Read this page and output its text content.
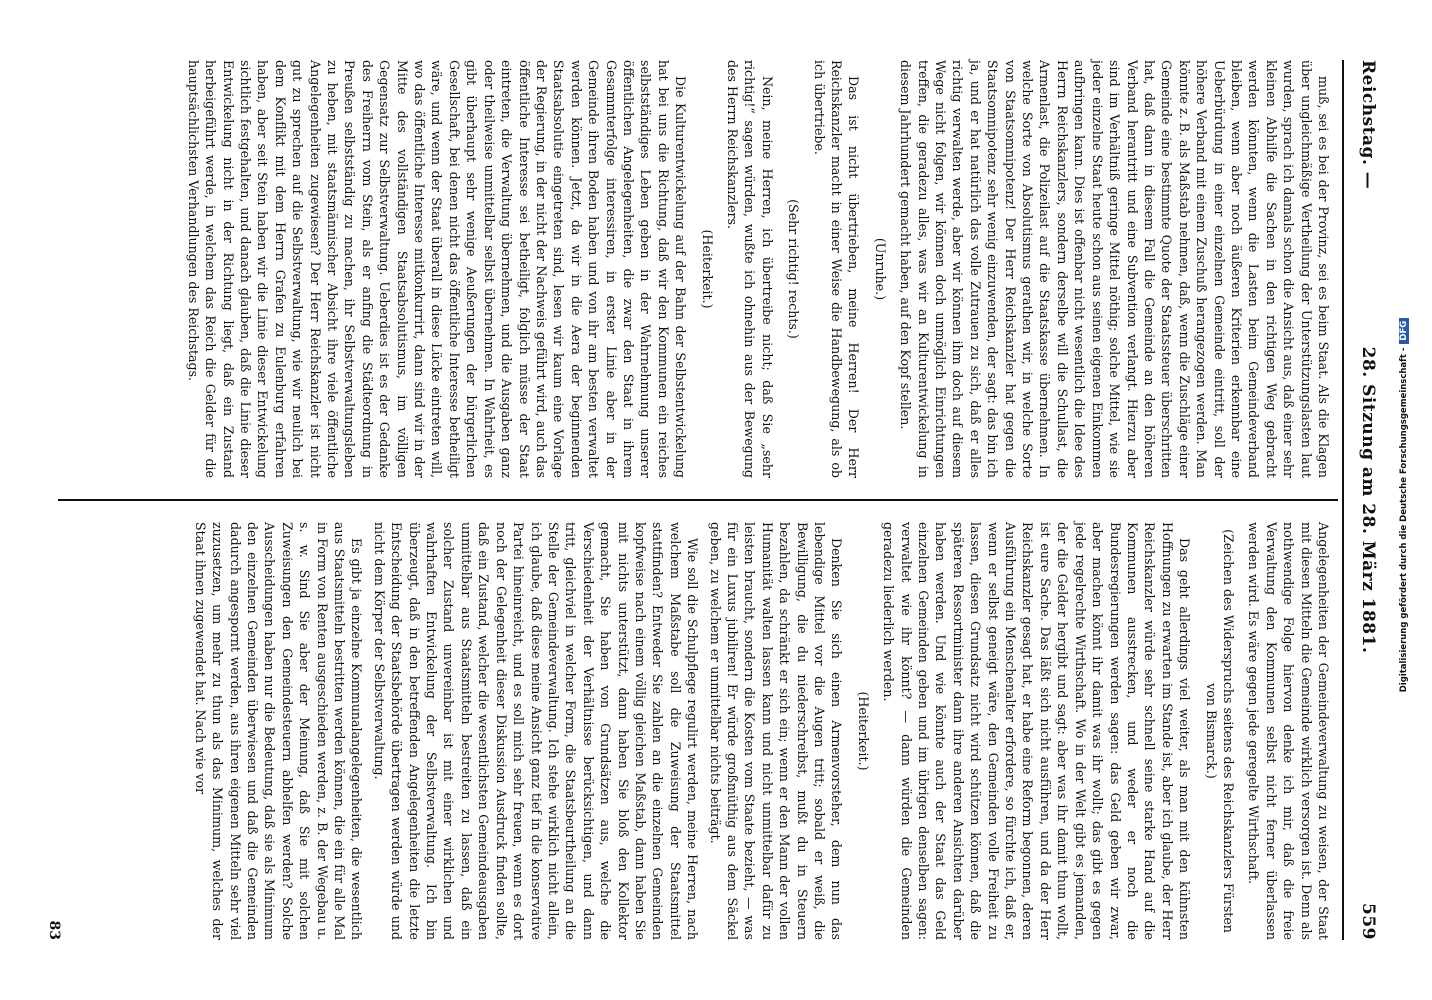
Reichstag. —
28. Sitzung am 28. März 1881.
559

muß, sei es bei der Provinz, sei es beim Staat. Als die Klagen über ungleichmäßige Vertheilung der Unterstützungslasten laut wurden, sprach ich damals schon die Ansicht aus, daß einer sehr kleinen Abhilfe die Sachen in den richtigen Weg gebracht werden könnten, wenn die Lasten beim Gemeindeverband bleiben, wenn aber noch äußeren Kriterien erkennbar eine Ueberbürdung in einer einzelnen Gemeinde eintritt, soll der höhere Verband mit einem Zuschuß herangezogen werden. Man könnte z. B. als Maßstab nehmen, daß, wenn die Zuschläge einer Gemeinde eine bestimmte Quote der Staatssteuer überschritten hat, daß dann in diesem Fall die Gemeinde an den höheren Verband herantritt und eine Subvention verlangt. Hierzu aber sind im Verhältniß geringe Mittel nöthig; solche Mittel, wie sie jeder einzelne Staat heute schon aus seinen eigenen Einkommen aufbringen kann. Dies ist offenbar nicht wesentlich die Idee des Herrn Reichskanzlers, sondern derselbe will die Schullast, die Armenlast, die Polizeilast auf die Staatskasse übernehmen. In welche Sorte von Absolutismus gerathen wir, in welche Sorte von Staatsomnipotenz! Der Herr Reichskanzler hat gegen die Staatsomnipotenz sehr wenig einzuwenden, der sagt: das bin ich ja, und er hat natürlich das volle Zutrauen zu sich, daß er alles richtig verwalten werde, aber wir können ihm doch auf diesem Wege nicht folgen, wir können doch unmöglich Einrichtungen treffen, die geradezu alles, was wir an Kulturentwickelung in diesem Jahrhundert gemacht haben, auf den Kopf stellen.

(Unruhe.)

Das ist nicht übertrieben, meine Herren! Der Herr Reichskanzler macht in einer Weise die Handbewegung, als ob ich übertriebe.

(Sehr richtig! rechts.)

Nein, meine Herren, ich übertreibe nicht; daß Sie „sehr richtig!“ sagen würden, wußte ich ohnehin aus der Bewegung des Herrn Reichskanzlers.

(Heiterkeit.)

Die Kulturentwickelung auf der Bahn der Selbstentwickelung hat bei uns die Richtung, daß wir den Kommunen ein reiches selbstständiges Leben geben in der Wahrnehmung unserer öffentlichen Angelegenheiten, die zwar den Staat in ihrem Gesammterfolge interessiren, in erster Linie aber in der Gemeinde ihren Boden haben und von ihr am besten verwaltet werden können. Jetzt, da wir in die Aera der beginnenden Staatsabsolutie eingetreten sind, lesen wir kaum eine Vorlage der Regierung, in der nicht der Nachweis geführt wird, auch das öffentliche Interesse sei betheiligt, folglich müsse der Staat eintreten, die Verwaltung übernehmen, und die Ausgaben ganz oder theilweise unmittelbar selbst übernehmen. In Wahrheit, es gibt überhaupt sehr wenige Aeußerungen der bürgerlichen Gesellschaft, bei denen nicht das öffentliche Interesse betheiligt wäre, und wenn der Staat überall in diese Lücke eintreten will, wo das öffentliche Interesse mitkonkurrirt, dann sind wir in der Mitte des vollständigen Staatsabsolutismus, im völligen Gegensatz zur Selbstverwaltung. Ueberdies ist es der Gedanke des Freiherrn vom Stein, als er anfing die Städteordnung in Preußen selbstständig zu machen, ihr Selbstverwaltungsleben zu heben, mit staatsmännischer Absicht ihre viele öffentliche Angelegenheiten zugewiesen? Der Herr Reichskanzler ist nicht gut zu sprechen auf die Selbstverwaltung, wie wir neulich bei dem Konflikt mit dem Herrn Grafen zu Eulenburg erfahren haben, aber seit Stein haben wir die Linie dieser Entwickelung sichtlich festgehalten, und danach glauben, daß die Linie dieser Entwickelung nicht in der Richtung liegt, daß ein Zustand herbeigeführt werde, in welchem das Reich die Gelder für die hauptsächlichsten Verhandlungen des Reichstags.

Angelegenheiten der Gemeindeverwaltung zu weisen, der Staat mit diesen Mitteln die Gemeinde wirklich versorgen ist. Denn als nothwendige Folge hiervon denke ich mir, daß die freie Verwaltung den Kommunen selbst nicht ferner überlassen werden wird. Es wäre gegen jede geregelte Wirthschaft.

(Zeichen des Widerspruchs seitens des Reichskanzlers Fürsten von Bismarck.)

Das geht allerdings viel weiter, als man mit den kühnsten Hoffnungen zu erwarten im Stande ist, aber ich glaube, der Herr Reichskanzler würde sehr schnell seine starke Hand auf die Kommunen ausstrecken, und weder er noch die Bundesregierungen werden sagen: das Geld geben wir zwar, aber machen könnt ihr damit was ihr wollt; das gibt es gegen jede regelrechte Wirthschaft. Wo in der Welt gibt es jemanden, der die Gelder hergibt und sagt: aber was ihr damit thun wollt, ist eure Sache. Das läßt sich nicht ausführen, und da der Herr Reichskanzler gesagt hat, er habe eine Reform begonnen, deren Ausführung ein Menschenalter erfordere, so fürchte ich, daß er, wenn er selbst geneigt wäre, den Gemeinden volle Freiheit zu lassen, diesen Grundsatz nicht wird schützen können, daß die späteren Ressortminister dann ihre anderen Ansichten darüber haben werden. Und wie könnte auch der Staat das Geld einzelnen Gemeinden geben und im übrigen denselben sagen: verwaltet wie ihr könnt? — dann würden die Gemeinden geradezu liederlich werden.

(Heiterkeit.)

Denken Sie sich einen Armenvorsteher, dem nun das lebendige Mittel vor die Augen tritt; sobald er weiß, die Bewilligung, die du niederschreibst, mußt du in Steuern bezahlen, da schränkt er sich ein; wenn er den Mann der vollen Humanität walten lassen kann und nicht unmittelbar dafür zu leisten braucht, sondern die Kosten vom Staate bezieht, — was für ein Luxus jubiliren! Er würde großmüthig aus dem Säckel geben, zu welchem er unmittelbar nichts beiträgt.

Wie soll die Schulpflege regulirt werden, meine Herren, nach welchem Maßstabe soll die Zuweisung der Staatsmittel stattfinden? Entweder Sie zahlen an die einzelnen Gemeinden kopfweise nach einem völlig gleichen Maßstab, dann haben Sie mit nichts unterstützt, dann haben Sie bloß den Kollektor gemacht, Sie haben von Grundsätzen aus, welche die Verschiedenheit der Verhältnisse berücksichtigen, und dann tritt, gleichviel in welcher Form, die Staatsbeurtheilung an die Stelle der Gemeindeverwaltung. Ich stehe wirklich nicht allein, ich glaube, daß diese meine Ansicht ganz tief in die konservative Partei hineinreicht, und es soll mich sehr freuen, wenn es dort noch der Gelegenheit dieser Diskussion Ausdruck finden sollte, daß ein Zustand, welcher die wesentlichsten Gemeindeausgaben unmittelbar aus Staatsmitteln bestreiten zu lassen, daß ein solcher Zustand unvereinbar ist mit einer wirklichen und wahrhaften Entwickelung der Selbstverwaltung. Ich bin überzeugt, daß in den betreffenden Angelegenheiten die letzte Entscheidung der Staatsbehörde übertragen werden würde und nicht dem Körper der Selbstverwaltung.

Es gibt ja einzelne Kommunalangelegenheiten, die wesentlich aus Staatsmitteln bestritten werden können, die ein für alle Mal in Form von Renten ausgeschieden werden, z. B. der Wegebau u. s. w. Sind Sie aber der Meinung, daß Sie mit solchen Zuweisungen den Gemeindesteuern abhelfen werden? Solche Ausscheidungen haben nur die Bedeutung, daß sie als Minimum den einzelnen Gemeinden überwiesen und daß die Gemeinden dadurch angespornt werden, aus ihren eigenen Mitteln sehr viel zuzusetzen, um mehr zu thun als das Minimum, welches der Staat ihnen zugewendet hat. Nach wie vor

83
Digitalisierung gefördert durch die Deutsche Forschungsgemeinschaft -DFG
